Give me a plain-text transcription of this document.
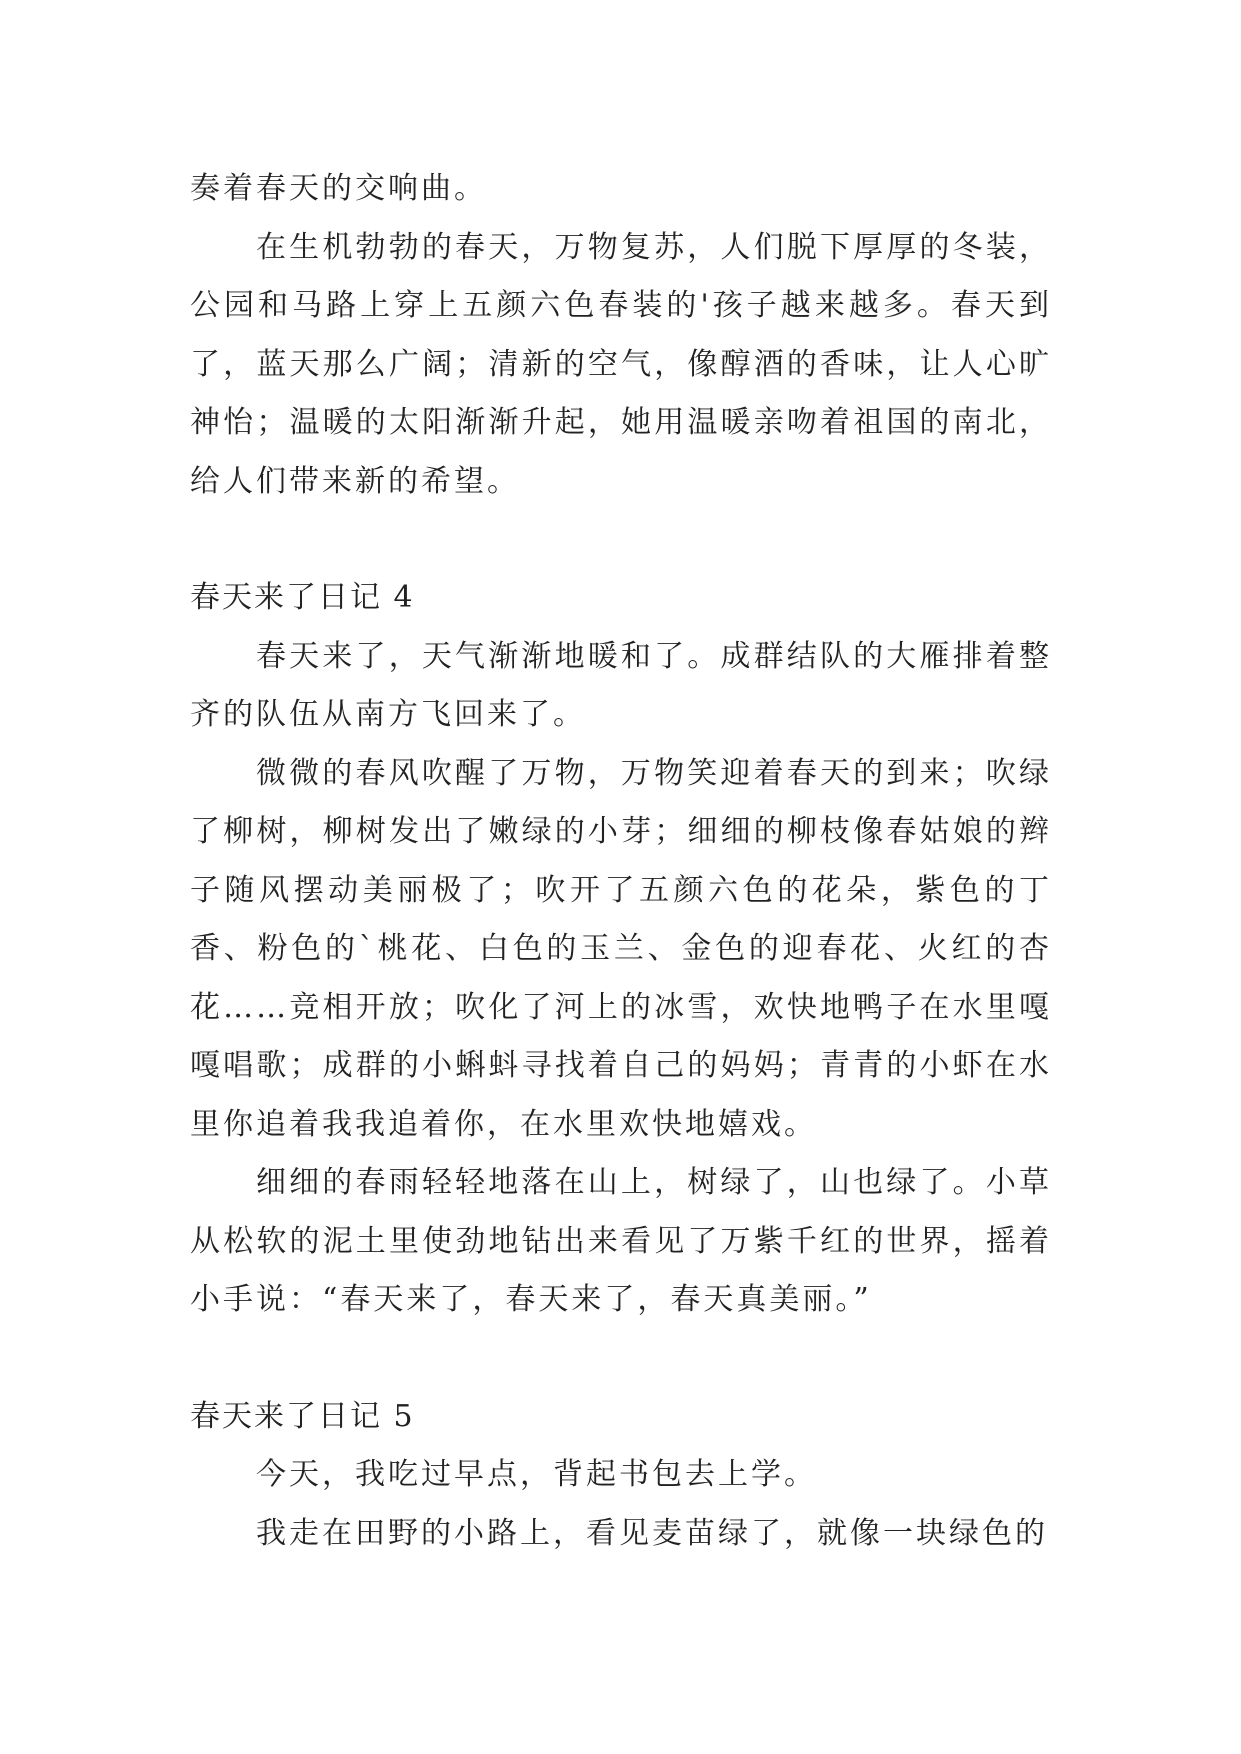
奏着春天的交响曲。

在生机勃勃的春天，万物复苏，人们脱下厚厚的冬装，公园和马路上穿上五颜六色春装的'孩子越来越多。春天到了，蓝天那么广阔；清新的空气，像醇酒的香味，让人心旷神怡；温暖的太阳渐渐升起，她用温暖亲吻着祖国的南北，给人们带来新的希望。

春天来了日记 4

春天来了，天气渐渐地暖和了。成群结队的大雁排着整齐的队伍从南方飞回来了。

微微的春风吹醒了万物，万物笑迎着春天的到来；吹绿了柳树，柳树发出了嫩绿的小芽；细细的柳枝像春姑娘的辫子随风摆动美丽极了；吹开了五颜六色的花朵，紫色的丁香、粉色的`桃花、白色的玉兰、金色的迎春花、火红的杏花……竞相开放；吹化了河上的冰雪，欢快地鸭子在水里嘎嘎唱歌；成群的小蝌蚪寻找着自己的妈妈；青青的小虾在水里你追着我我追着你，在水里欢快地嬉戏。

细细的春雨轻轻地落在山上，树绿了，山也绿了。小草从松软的泥土里使劲地钻出来看见了万紫千红的世界，摇着小手说：“春天来了，春天来了，春天真美丽。”

春天来了日记 5

今天，我吃过早点，背起书包去上学。

我走在田野的小路上，看见麦苗绿了，就像一块绿色的
